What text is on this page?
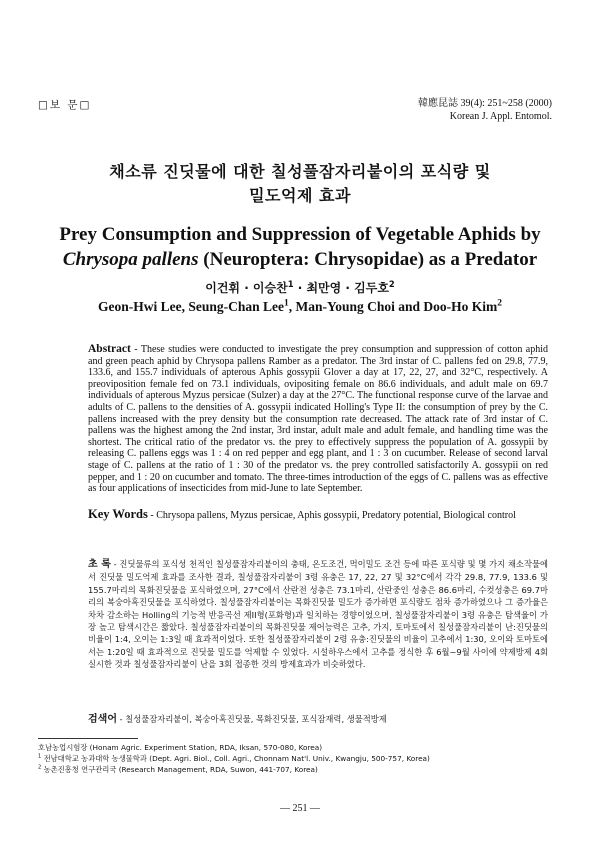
□보 문□	韓應昆誌 39(4): 251~258 (2000)
Korean J. Appl. Entomol.
채소류 진딧물에 대한 칠성풀잠자리붙이의 포식량 및
밀도억제 효과
Prey Consumption and Suppression of Vegetable Aphids by
Chrysopa pallens (Neuroptera: Chrysopidae) as a Predator
이건휘 · 이승찬$^1$ · 최만영 · 김두호$^2$
Geon-Hwi Lee, Seung-Chan Lee$^1$, Man-Young Choi and Doo-Ho Kim$^2$
Abstract - These studies were conducted to investigate the prey consumption and suppression of cotton aphid and green peach aphid by Chrysopa pallens Ramber as a predator. The 3rd instar of C. pallens fed on 29.8, 77.9, 133.6, and 155.7 individuals of apterous Aphis gossypii Glover a day at 17, 22, 27, and 32°C, respectively. A preoviposition female fed on 73.1 individuals, ovipositing female on 86.6 individuals, and adult male on 69.7 individuals of apterous Myzus persicae (Sulzer) a day at the 27°C. The functional response curve of the larvae and adults of C. pallens to the densities of A. gossypii indicated Holling's Type II: the consumption of prey by the C. pallens increased with the prey density but the consumption rate decreased. The attack rate of 3rd instar of C. pallens was the highest among the 2nd instar, 3rd instar, adult male and adult female, and handling time was the shortest. The critical ratio of the predator vs. the prey to effectively suppress the population of A. gossypii by releasing C. pallens eggs was 1 : 4 on red pepper and egg plant, and 1 : 3 on cucumber. Release of second larval stage of C. pallens at the ratio of 1 : 30 of the predator vs. the prey controlled satisfactorily A. gossypii on red pepper, and 1 : 20 on cucumber and tomato. The three-times introduction of the eggs of C. pallens was as effective as four applications of insecticides from mid-June to late September.
Key Words - Chrysopa pallens, Myzus persicae, Aphis gossypii, Predatory potential, Biological control
초 록 - 진딧물류의 포식성 천적인 칠성풀잠자리붙이의 충태, 온도조건, 먹이밀도 조건 등에 따른 포식량 및 몇 가지 채소작물에서 진딧물 밀도억제 효과를 조사한 결과, 칠성풀잠자리붙이 3령 유충은 17, 22, 27 및 32°C에서 각각 29.8, 77.9, 133.6 및 155.7마리의 목화진딧물을 포식하였으며, 27°C에서 산란전 성충은 73.1마리, 산란중인 성충은 86.6마리, 수컷성충은 69.7마리의 복숭아혹진딧물을 포식하였다. 칠성풀잠자리붙이는 목화진딧물 밀도가 증가하면 포식량도 점차 증가하였으나 그 증가율은 차차 감소하는 Holling의 기능적 반응곡선 제II형(포화형)과 일치하는 경향이었으며, 칠성풀잠자리붙이 3령 유충은 탐색율이 가장 높고 탐색시간은 짧았다. 칠성풀잠자리붙이의 목화진딧물 제어능력은 고추, 가지, 토마토에서 칠성풀잠자리붙이 난:진딧물의 비율이 1:4, 오이는 1:3일 때 효과적이었다. 또한 칠성풀잠자리붙이 2령 유충:진딧물의 비율이 고추에서 1:30, 오이와 토마토에서는 1:20일 때 효과적으로 진딧물 밀도를 억제할 수 있었다. 시설하우스에서 고추를 정식한 후 6월~9월 사이에 약제방제 4회 실시한 것과 칠성풀잠자리붙이 난을 3회 접종한 것의 방제효과가 비슷하였다.
검색어 - 칠성풀잠자리붙이, 복숭아혹진딧물, 목화진딧물, 포식잠재력, 생물적방제
호남농업시험장 (Honam Agric. Experiment Station, RDA, Iksan, 570-080, Korea)
$^1$ 전남대학교 농과대학 농생물학과 (Dept. Agri. Biol., Coll. Agri., Chonnam Nat'l. Univ., Kwangju, 500-757, Korea)
$^2$ 농촌진흥청 연구관리국 (Research Management, RDA, Suwon, 441-707, Korea)
— 251 —
